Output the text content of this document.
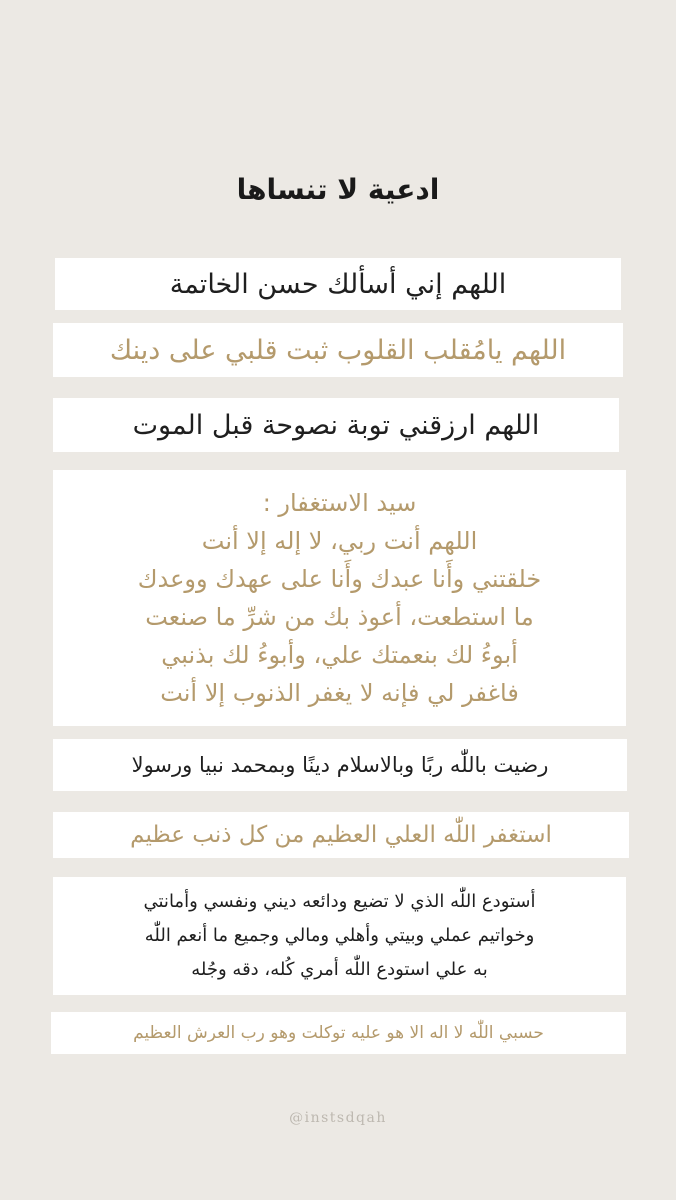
ادعية لا تنساها
اللهم إني أسألك حسن الخاتمة
اللهم يامُقلب القلوب ثبت قلبي على دينك
اللهم ارزقني توبة نصوحة قبل الموت
سيد الاستغفار :
اللهم أنت ربي، لا إله إلا أنت
خلقتني وأَنا عبدك وأَنا على عهدك ووعدك
ما استطعت، أعوذ بك من شرِّ ما صنعت
أبوءُ لك بنعمتك علي، وأبوءُ لك بذنبي
فاغفر لي فإنه لا يغفر الذنوب إلا أنت
رضيت باللّٰه ربًا وبالاسلام دينًا وبمحمد نبيا ورسولا
استغفر اللّٰه العلي العظيم من كل ذنب عظيم
أستودع اللّٰه الذي لا تضيع ودائعه ديني ونفسي وأمانتي
وخواتيم عملي وبيتي وأهلي ومالي وجميع ما أنعم اللّٰه
به علي استودع اللّٰه أمري كُله، دقه وجُله
حسبي اللّٰه لا اله الا هو عليه توكلت وهو رب العرش العظيم
@instsdqah
